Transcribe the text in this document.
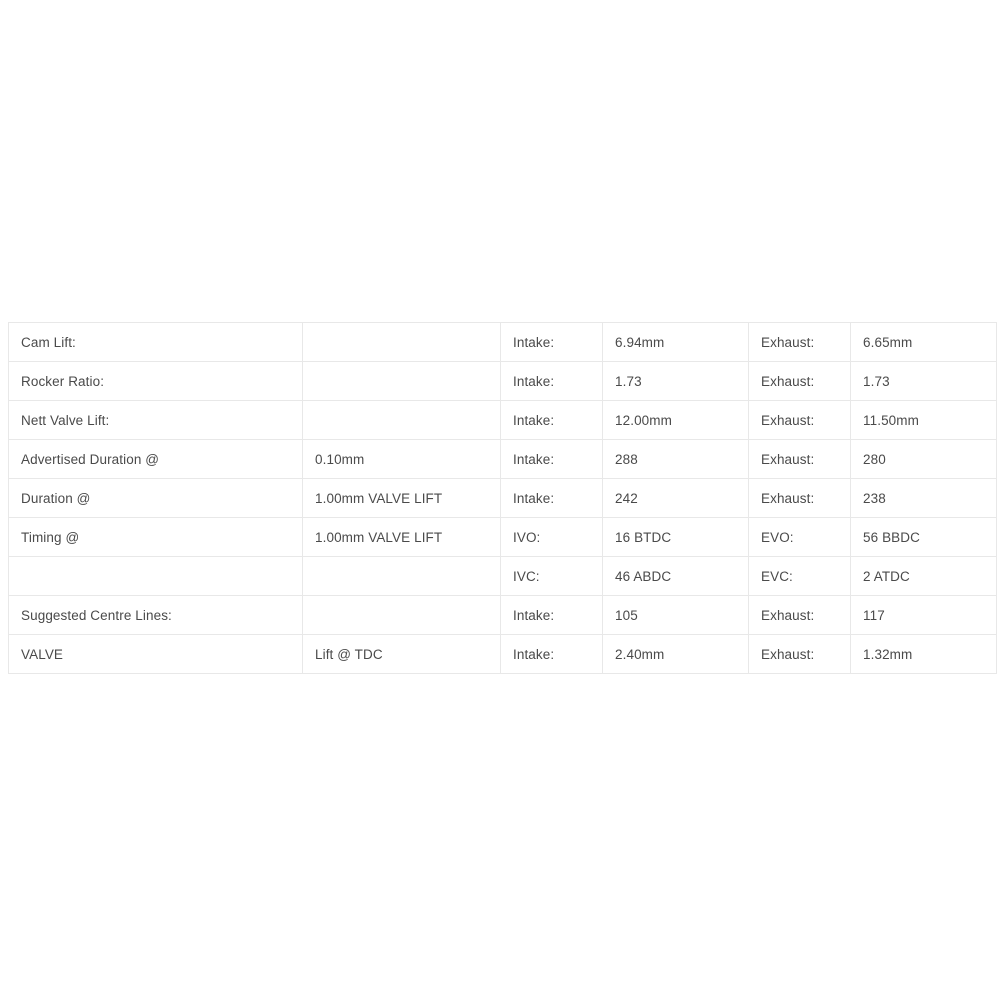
Cam Lift:		Intake:	6.94mm	Exhaust:	6.65mm
Rocker Ratio:		Intake:	1.73	Exhaust:	1.73
Nett Valve Lift:		Intake:	12.00mm	Exhaust:	11.50mm
Advertised Duration @	0.10mm	Intake:	288	Exhaust:	280
Duration @	1.00mm VALVE LIFT	Intake:	242	Exhaust:	238
Timing @	1.00mm VALVE LIFT	IVO:	16 BTDC	EVO:	56 BBDC
		IVC:	46 ABDC	EVC:	2 ATDC
Suggested Centre Lines:		Intake:	105	Exhaust:	117
VALVE	Lift @ TDC	Intake:	2.40mm	Exhaust:	1.32mm
